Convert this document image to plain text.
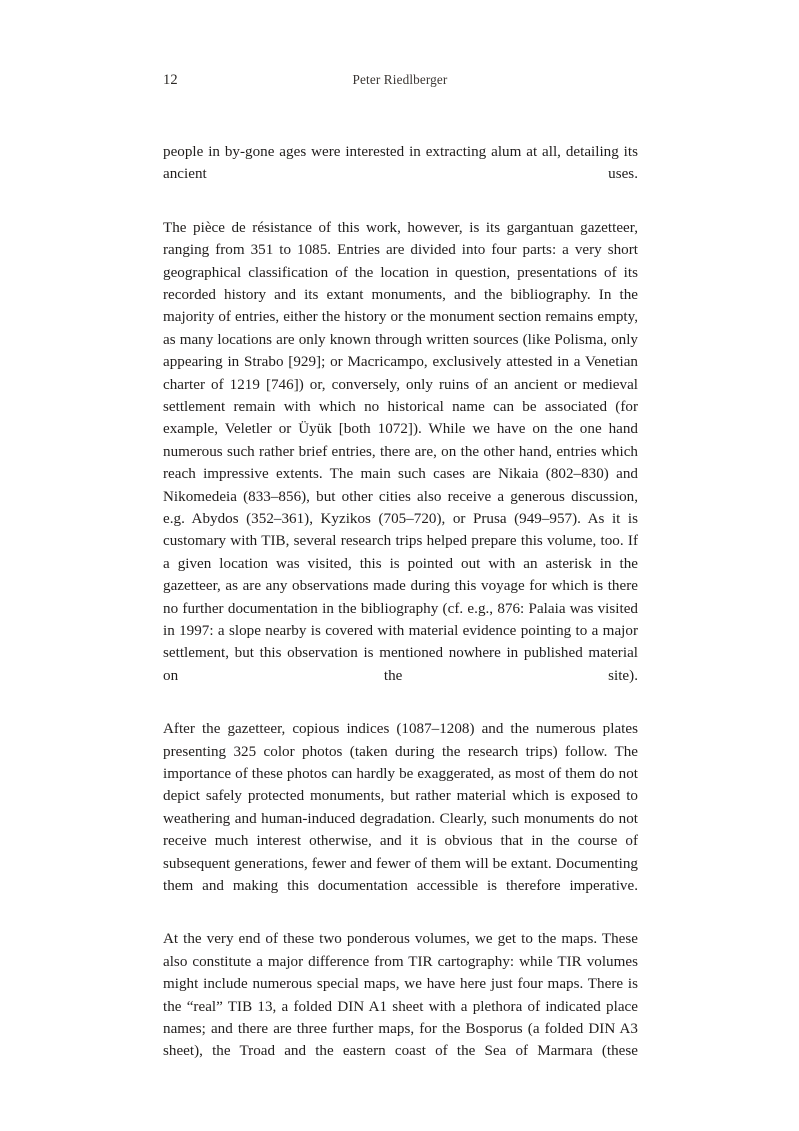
12	Peter Riedlberger

people in by-gone ages were interested in extracting alum at all, detailing its ancient uses.

The pièce de résistance of this work, however, is its gargantuan gazetteer, ranging from 351 to 1085. Entries are divided into four parts: a very short geographical classification of the location in question, presentations of its recorded history and its extant monuments, and the bibliography. In the majority of entries, either the history or the monument section remains empty, as many locations are only known through written sources (like Polisma, only appearing in Strabo [929]; or Macricampo, exclusively attested in a Venetian charter of 1219 [746]) or, conversely, only ruins of an ancient or medieval settlement remain with which no historical name can be associated (for example, Veletler or Üyük [both 1072]). While we have on the one hand numerous such rather brief entries, there are, on the other hand, entries which reach impressive extents. The main such cases are Nikaia (802–830) and Nikomedeia (833–856), but other cities also receive a generous discussion, e.g. Abydos (352–361), Kyzikos (705–720), or Prusa (949–957). As it is customary with TIB, several research trips helped prepare this volume, too. If a given location was visited, this is pointed out with an asterisk in the gazetteer, as are any observations made during this voyage for which is there no further documentation in the bibliography (cf. e.g., 876: Palaia was visited in 1997: a slope nearby is covered with material evidence pointing to a major settlement, but this observation is mentioned nowhere in published material on the site).

After the gazetteer, copious indices (1087–1208) and the numerous plates presenting 325 color photos (taken during the research trips) follow. The importance of these photos can hardly be exaggerated, as most of them do not depict safely protected monuments, but rather material which is exposed to weathering and human-induced degradation. Clearly, such monuments do not receive much interest otherwise, and it is obvious that in the course of subsequent generations, fewer and fewer of them will be extant. Documenting them and making this documentation accessible is therefore imperative.

At the very end of these two ponderous volumes, we get to the maps. These also constitute a major difference from TIR cartography: while TIR volumes might include numerous special maps, we have here just four maps. There is the “real” TIB 13, a folded DIN A1 sheet with a plethora of indicated place names; and there are three further maps, for the Bosporus (a folded DIN A3 sheet), the Troad and the eastern coast of the Sea of Marmara (these
